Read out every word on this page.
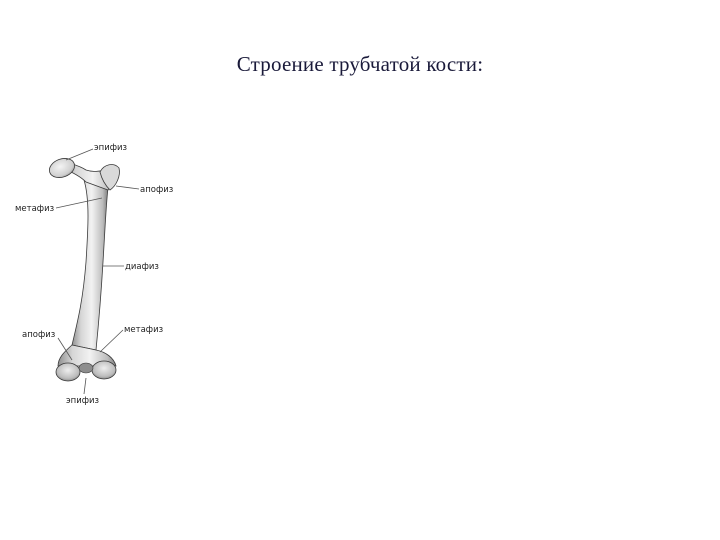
Строение трубчатой кости:
эпифиз
апофиз
метафиз
диафиз
апофиз	метафиз
эпифиз
